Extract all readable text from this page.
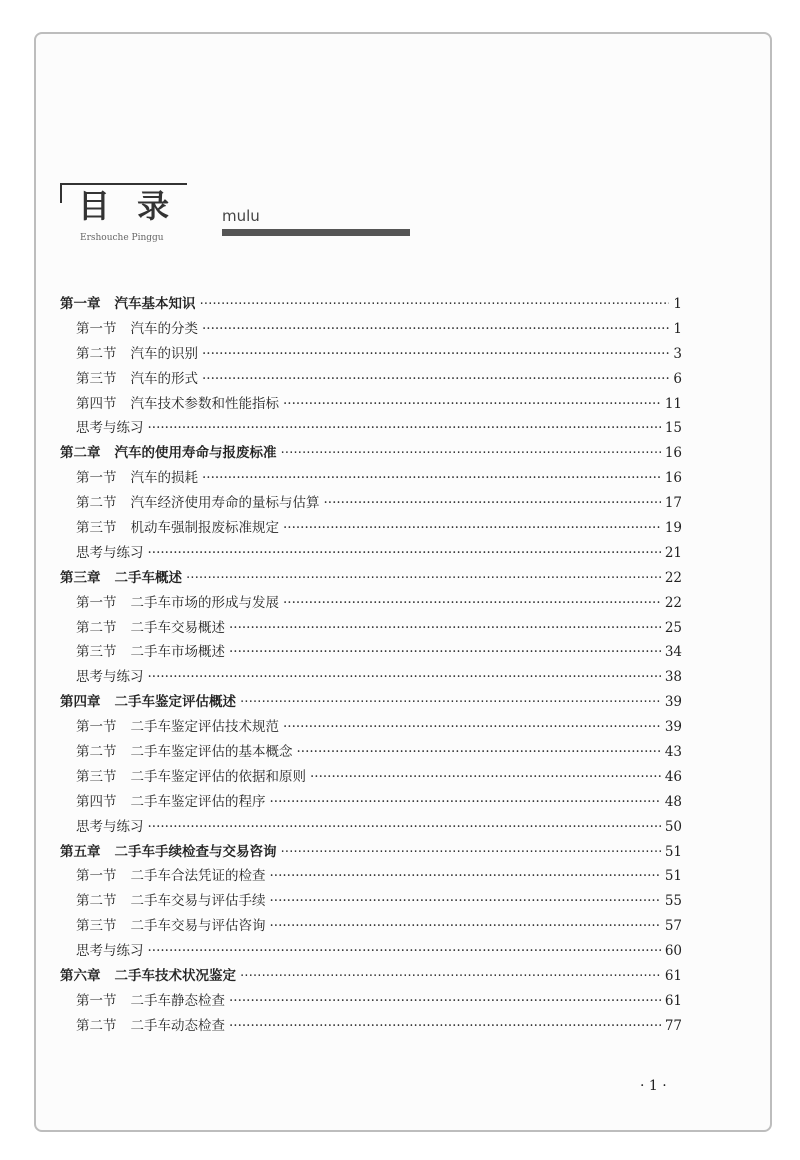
目 录
Ershouche Pinggu
mulu
第一章 汽车基本知识 ·····	1
第一节 汽车的分类 ·····	1
第二节 汽车的识别 ·····	3
第三节 汽车的形式 ·····	6
第四节 汽车技术参数和性能指标 ·····	11
思考与练习 ·····	15
第二章 汽车的使用寿命与报废标准 ·····	16
第一节 汽车的损耗 ·····	16
第二节 汽车经济使用寿命的量标与估算 ·····	17
第三节 机动车强制报废标准规定 ·····	19
思考与练习 ·····	21
第三章 二手车概述 ·····	22
第一节 二手车市场的形成与发展 ·····	22
第二节 二手车交易概述 ·····	25
第三节 二手车市场概述 ·····	34
思考与练习 ·····	38
第四章 二手车鉴定评估概述 ·····	39
第一节 二手车鉴定评估技术规范 ·····	39
第二节 二手车鉴定评估的基本概念 ·····	43
第三节 二手车鉴定评估的依据和原则 ·····	46
第四节 二手车鉴定评估的程序 ·····	48
思考与练习 ·····	50
第五章 二手车手续检查与交易咨询 ·····	51
第一节 二手车合法凭证的检查 ·····	51
第二节 二手车交易与评估手续 ·····	55
第三节 二手车交易与评估咨询 ·····	57
思考与练习 ·····	60
第六章 二手车技术状况鉴定 ·····	61
第一节 二手车静态检查 ·····	61
第二节 二手车动态检查 ·····	77
· 1 ·
